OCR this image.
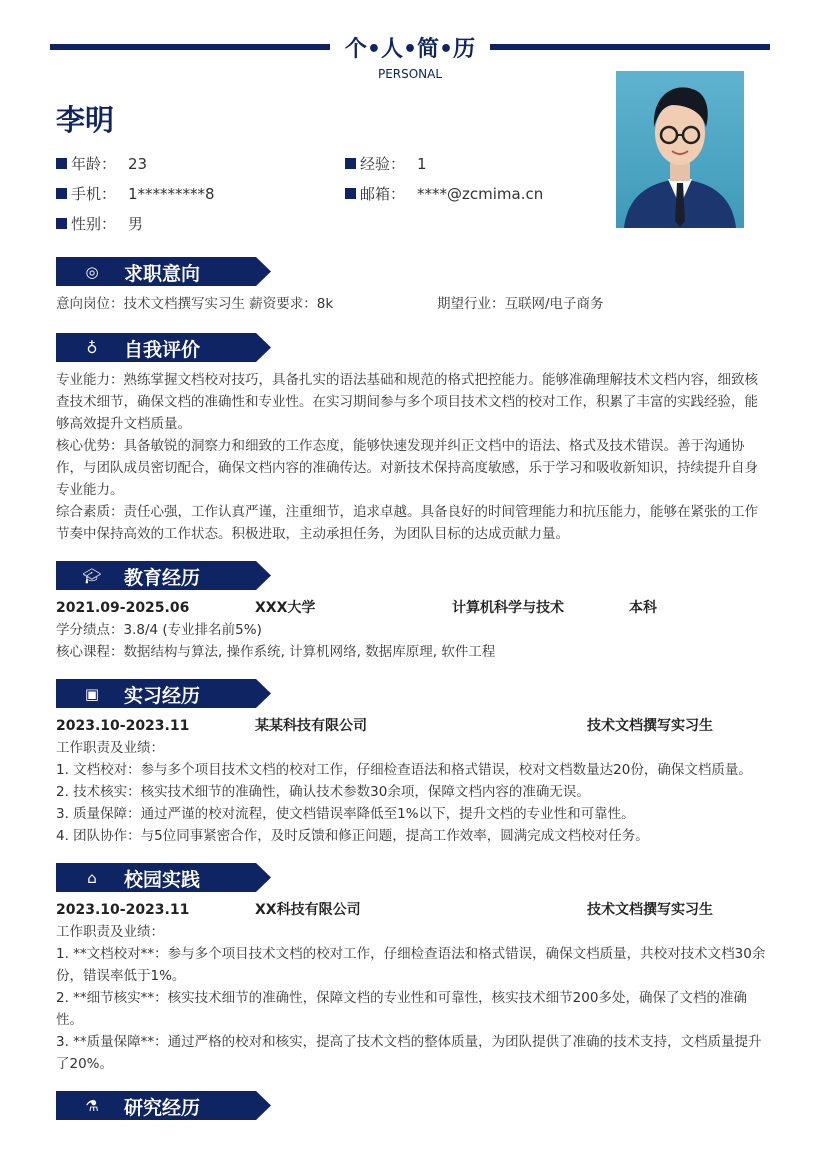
个•人•简•历
PERSONAL
李明
年龄： 23	经验： 1
手机： 1*********8	邮箱： ****@zcmima.cn
性别： 男
◎ 求职意向
意向岗位：技术文档撰写实习生 薪资要求：8k	期望行业：互联网/电子商务
♁ 自我评价

专业能力：熟练掌握文档校对技巧，具备扎实的语法基础和规范的格式把控能力。能够准确理解技术文档内容，细致核查技术细节，确保文档的准确性和专业性。在实习期间参与多个项目技术文档的校对工作，积累了丰富的实践经验，能够高效提升文档质量。

核心优势：具备敏锐的洞察力和细致的工作态度，能够快速发现并纠正文档中的语法、格式及技术错误。善于沟通协作，与团队成员密切配合，确保文档内容的准确传达。对新技术保持高度敏感，乐于学习和吸收新知识，持续提升自身专业能力。

综合素质：责任心强，工作认真严谨，注重细节，追求卓越。具备良好的时间管理能力和抗压能力，能够在紧张的工作节奏中保持高效的工作状态。积极进取，主动承担任务，为团队目标的达成贡献力量。

🎓︎ 教育经历
2021.09-2025.06	XXX大学	计算机科学与技术	本科

学分绩点：3.8/4 (专业排名前5%)

核心课程：数据结构与算法, 操作系统, 计算机网络, 数据库原理, 软件工程

▣ 实习经历
2023.10-2023.11	某某科技有限公司	技术文档撰写实习生

工作职责及业绩：

1. 文档校对：参与多个项目技术文档的校对工作，仔细检查语法和格式错误，校对文档数量达20份，确保文档质量。

2. 技术核实：核实技术细节的准确性，确认技术参数30余项，保障文档内容的准确无误。

3. 质量保障：通过严谨的校对流程，使文档错误率降低至1%以下，提升文档的专业性和可靠性。

4. 团队协作：与5位同事紧密合作，及时反馈和修正问题，提高工作效率，圆满完成文档校对任务。

⌂ 校园实践
2023.10-2023.11	XX科技有限公司	技术文档撰写实习生

工作职责及业绩：

1. **文档校对**：参与多个项目技术文档的校对工作，仔细检查语法和格式错误，确保文档质量，共校对技术文档30余份，错误率低于1%。

2. **细节核实**：核实技术细节的准确性，保障文档的专业性和可靠性，核实技术细节200多处，确保了文档的准确性。

3. **质量保障**：通过严格的校对和核实，提高了技术文档的整体质量，为团队提供了准确的技术支持，文档质量提升了20%。

⚗ 研究经历
